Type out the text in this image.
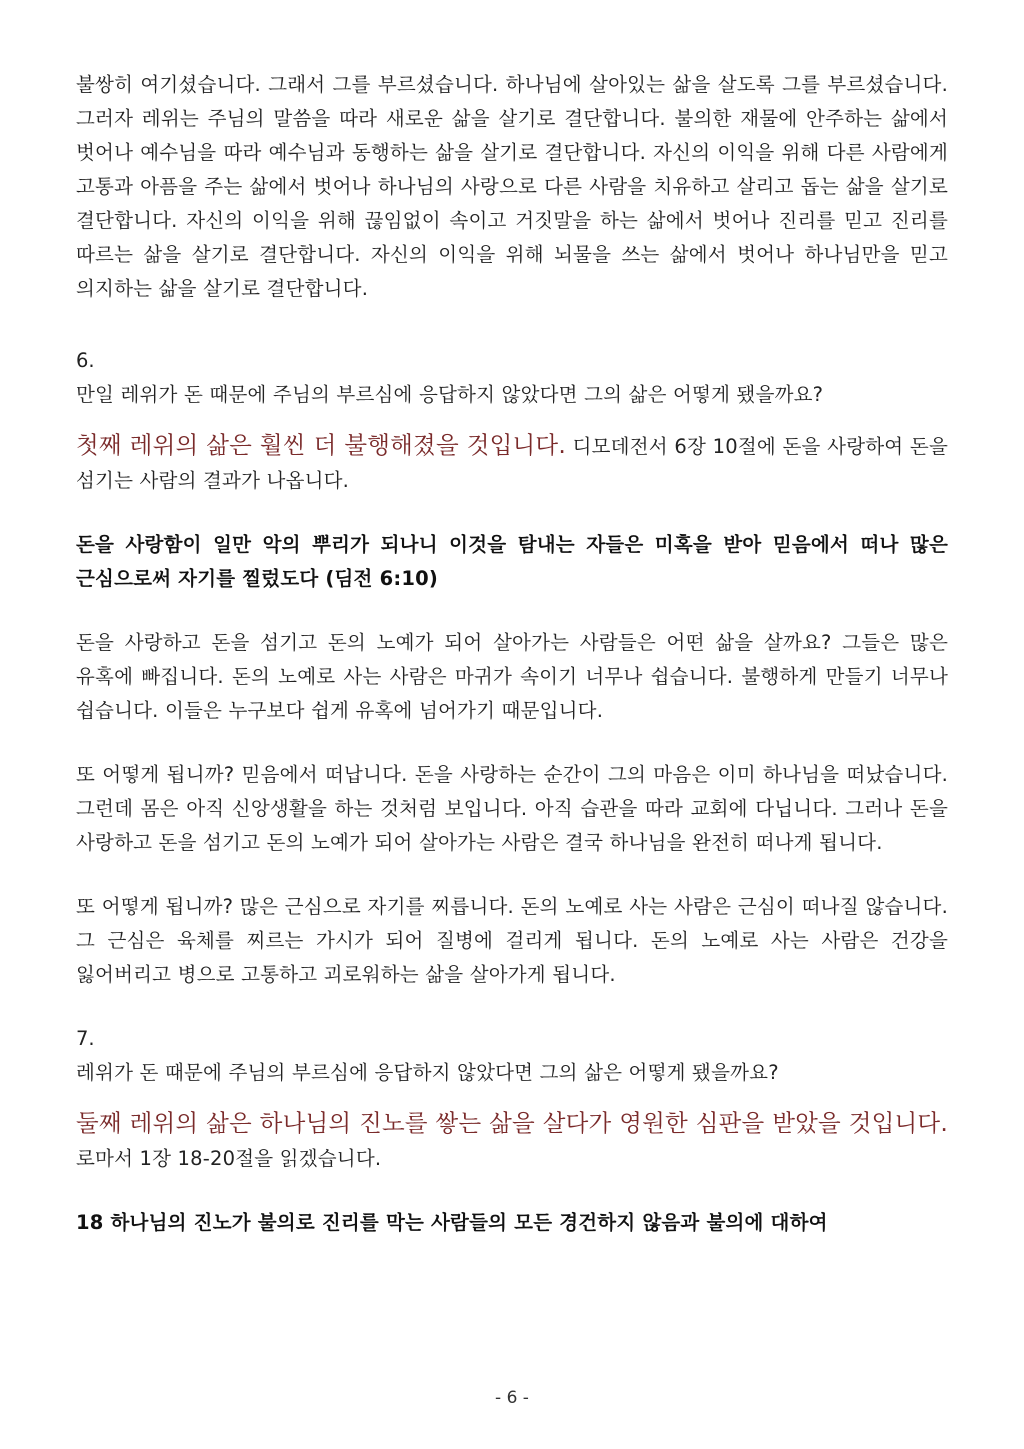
불쌍히 여기셨습니다. 그래서 그를 부르셨습니다. 하나님에 살아있는 삶을 살도록 그를 부르셨습니다. 그러자 레위는 주님의 말씀을 따라 새로운 삶을 살기로 결단합니다. 불의한 재물에 안주하는 삶에서 벗어나 예수님을 따라 예수님과 동행하는 삶을 살기로 결단합니다. 자신의 이익을 위해 다른 사람에게 고통과 아픔을 주는 삶에서 벗어나 하나님의 사랑으로 다른 사람을 치유하고 살리고 돕는 삶을 살기로 결단합니다. 자신의 이익을 위해 끊임없이 속이고 거짓말을 하는 삶에서 벗어나 진리를 믿고 진리를 따르는 삶을 살기로 결단합니다. 자신의 이익을 위해 뇌물을 쓰는 삶에서 벗어나 하나님만을 믿고 의지하는 삶을 살기로 결단합니다.

6.

만일 레위가 돈 때문에 주님의 부르심에 응답하지 않았다면 그의 삶은 어떻게 됐을까요?

첫째 레위의 삶은 훨씬 더 불행해졌을 것입니다. 디모데전서 6장 10절에 돈을 사랑하여 돈을 섬기는 사람의 결과가 나옵니다.

돈을 사랑함이 일만 악의 뿌리가 되나니 이것을 탐내는 자들은 미혹을 받아 믿음에서 떠나 많은 근심으로써 자기를 찔렀도다 (딤전 6:10)

돈을 사랑하고 돈을 섬기고 돈의 노예가 되어 살아가는 사람들은 어떤 삶을 살까요? 그들은 많은 유혹에 빠집니다. 돈의 노예로 사는 사람은 마귀가 속이기 너무나 쉽습니다. 불행하게 만들기 너무나 쉽습니다. 이들은 누구보다 쉽게 유혹에 넘어가기 때문입니다.

또 어떻게 됩니까? 믿음에서 떠납니다. 돈을 사랑하는 순간이 그의 마음은 이미 하나님을 떠났습니다. 그런데 몸은 아직 신앙생활을 하는 것처럼 보입니다. 아직 습관을 따라 교회에 다닙니다. 그러나 돈을 사랑하고 돈을 섬기고 돈의 노예가 되어 살아가는 사람은 결국 하나님을 완전히 떠나게 됩니다.

또 어떻게 됩니까? 많은 근심으로 자기를 찌릅니다. 돈의 노예로 사는 사람은 근심이 떠나질 않습니다. 그 근심은 육체를 찌르는 가시가 되어 질병에 걸리게 됩니다. 돈의 노예로 사는 사람은 건강을 잃어버리고 병으로 고통하고 괴로워하는 삶을 살아가게 됩니다.

7.

레위가 돈 때문에 주님의 부르심에 응답하지 않았다면 그의 삶은 어떻게 됐을까요?

둘째 레위의 삶은 하나님의 진노를 쌓는 삶을 살다가 영원한 심판을 받았을 것입니다. 로마서 1장 18-20절을 읽겠습니다.

18 하나님의 진노가 불의로 진리를 막는 사람들의 모든 경건하지 않음과 불의에 대하여

- 6 -
